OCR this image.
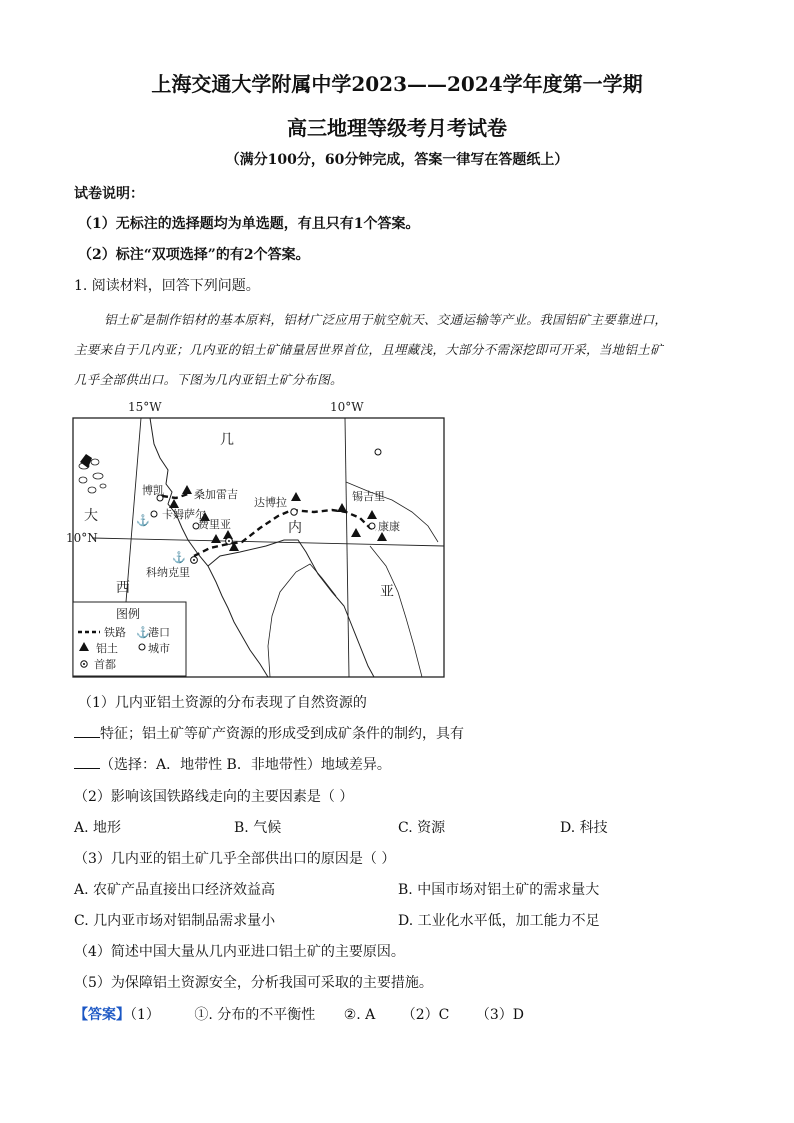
上海交通大学附属中学2023——2024学年度第一学期
高三地理等级考月考试卷
（满分100分，60分钟完成，答案一律写在答题纸上）
试卷说明：
（1）无标注的选择题均为单选题，有且只有1个答案。
（2）标注“双项选择”的有2个答案。
1. 阅读材料，回答下列问题。
铝土矿是制作铝材的基本原料，铝材广泛应用于航空航天、交通运输等产业。我国铝矿主要靠进口，
主要来自于几内亚；几内亚的铝土矿储量居世界首位，且埋藏浅，大部分不需深挖即可开采，当地铝土矿
几乎全部供出口。下图为几内亚铝土矿分布图。
⚓
⚓
15°W	10°W
10°N
几
内
亚
大
西
博凯	桑加雷吉
卡姆萨尔
费里亚
达博拉	锡吉里
康康
科纳克里
图例
铁路 ⚓
港口
铝土	城市
首都
（1）几内亚铝土资源的分布表现了自然资源的
特征；铝土矿等矿产资源的形成受到成矿条件的制约，具有
（选择：A．地带性 B．非地带性）地域差异。
（2）影响该国铁路线走向的主要因素是（ ）
A. 地形	B. 气候	C. 资源	D. 科技
（3）几内亚的铝土矿几乎全部供出口的原因是（ ）
A. 农矿产品直接出口经济效益高	B. 中国市场对铝土矿的需求量大
C. 几内亚市场对铝制品需求量小	D. 工业化水平低，加工能力不足
（4）简述中国大量从几内亚进口铝土矿的主要原因。
（5）为保障铝土资源安全，分析我国可采取的主要措施。
【答案】（1） ①. 分布的不平衡性 ②. A （2）C （3）D
